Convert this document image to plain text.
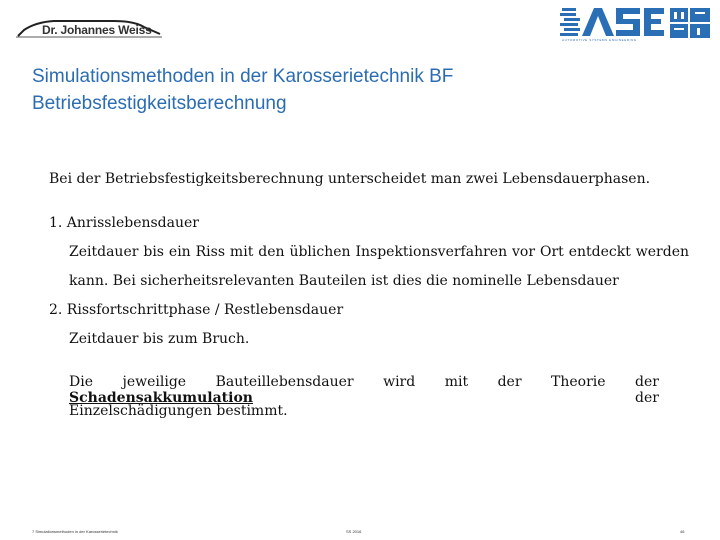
Dr. Johannes Weiss
AUTOMOTIVE SYSTEMS ENGINEERING
Simulationsmethoden in der Karosserietechnik BF
Betriebsfestigkeitsberechnung
Bei der Betriebsfestigkeitsberechnung unterscheidet man zwei Lebensdauerphasen.
1. Anrisslebensdauer
Zeitdauer bis ein Riss mit den üblichen Inspektionsverfahren vor Ort entdeckt werden
kann. Bei sicherheitsrelevanten Bauteilen ist dies die nominelle Lebensdauer
2. Rissfortschrittphase / Restlebensdauer
Zeitdauer bis zum Bruch.
Die jeweilige Bauteillebensdauer wird mit der Theorie der Schadensakkumulation der
Einzelschädigungen bestimmt.
7 Simulationsmethoden in der Karosserietechnik	SS 2016	46
